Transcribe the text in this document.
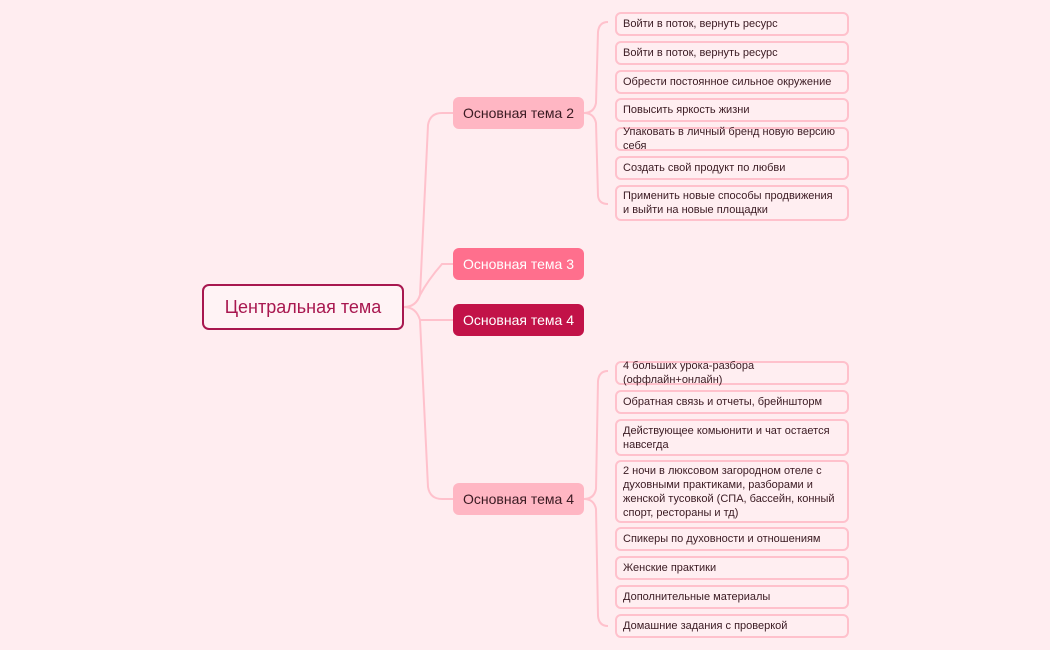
Центральная тема
Основная тема 2
Основная тема 3
Основная тема 4
Основная тема 4
Войти в поток, вернуть ресурс
Войти в поток, вернуть ресурс
Обрести постоянное сильное окружение
Повысить яркость жизни
Упаковать в личный бренд новую версию себя
Создать свой продукт по любви
Применить новые способы продвижения и выйти на новые площадки
4 больших урока-разбора (оффлайн+онлайн)
Обратная связь и отчеты, брейншторм
Действующее комьюнити и чат остается навсегда
2 ночи в люксовом загородном отеле с духовными практиками, разборами и женской тусовкой (СПА, бассейн, конный спорт, рестораны и тд)
Спикеры по духовности и отношениям
Женские практики
Дополнительные материалы
Домашние задания с проверкой
